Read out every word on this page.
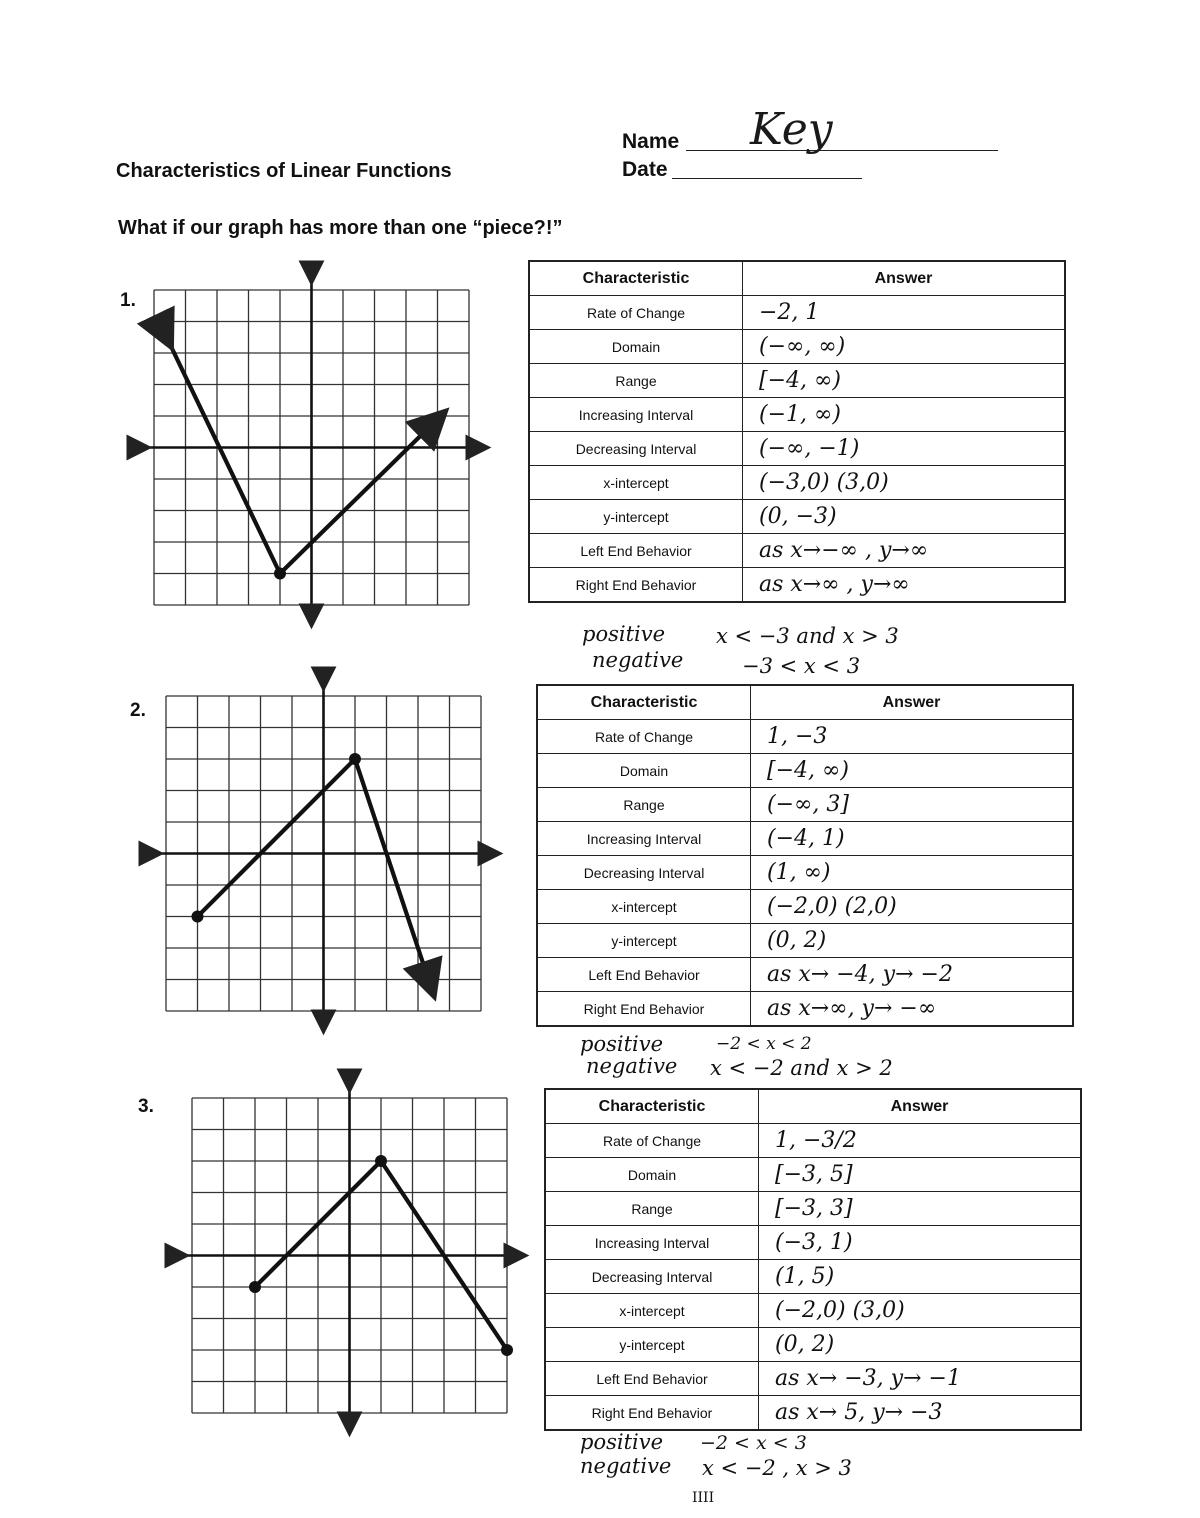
Characteristics of Linear Functions
What if our graph has more than one “piece?!”
Name Key
Date
1.
Characteristic	Answer
Rate of Change	−2, 1
Domain	(−∞, ∞)
Range	[−4, ∞)
Increasing Interval	(−1, ∞)
Decreasing Interval	(−∞, −1)
x-intercept	(−3,0) (3,0)
y-intercept	(0, −3)
Left End Behavior	as x→−∞ , y→∞
Right End Behavior	as x→∞ , y→∞
positive x < −3 and x > 3
negative	−3 < x < 3
2.	Characteristic	Answer
Rate of Change	1, −3
Domain	[−4, ∞)
Range	(−∞, 3]
Increasing Interval	(−4, 1)
Decreasing Interval	(1, ∞)
x-intercept	(−2,0) (2,0)
y-intercept	(0, 2)
Left End Behavior	as x→ −4, y→ −2
Right End Behavior	as x→∞, y→ −∞
positive	−2 < x < 2
negative x < −2 and x > 2
3.	Characteristic	Answer
Rate of Change	1, −3/2
Domain	[−3, 5]
Range	[−3, 3]
Increasing Interval	(−3, 1)
Decreasing Interval	(1, 5)
x-intercept	(−2,0) (3,0)
y-intercept	(0, 2)
Left End Behavior	as x→ −3, y→ −1
Right End Behavior	as x→ 5, y→ −3
positive −2 < x < 3
negative x < −2 , x > 3
IIII
